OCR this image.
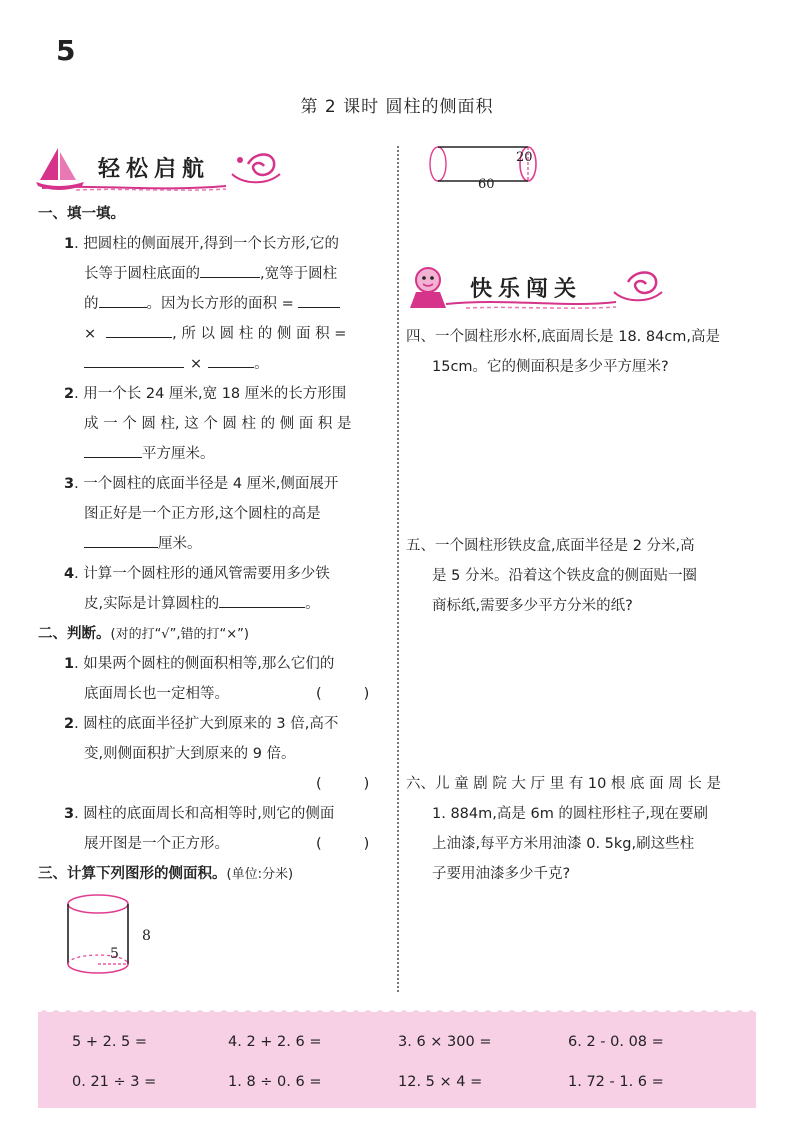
5
第 2 课时 圆柱的侧面积
轻松启航
快乐闯关
一、填一填。
1. 把圆柱的侧面展开,得到一个长方形,它的
长等于圆柱底面的	,宽等于圆柱
的	。因为长方形的面积 =
×	, 所 以 圆 柱 的 侧 面 积 =
×	。
2. 用一个长 24 厘米,宽 18 厘米的长方形围
成 一 个 圆 柱, 这 个 圆 柱 的 侧 面 积 是
平方厘米。
3. 一个圆柱的底面半径是 4 厘米,侧面展开
图正好是一个正方形,这个圆柱的高是
厘米。
4. 计算一个圆柱形的通风管需要用多少铁
皮,实际是计算圆柱的	。
二、判断。(对的打“√”,错的打“×”)
1. 如果两个圆柱的侧面积相等,那么它们的
底面周长也一定相等。	(	)
2. 圆柱的底面半径扩大到原来的 3 倍,高不
变,则侧面积扩大到原来的 9 倍。
(	)
3. 圆柱的底面周长和高相等时,则它的侧面
展开图是一个正方形。	(	)
三、计算下列图形的侧面积。(单位:分米)
8
5
20
60
四、一个圆柱形水杯,底面周长是 18. 84cm,高是
15cm。它的侧面积是多少平方厘米?
五、一个圆柱形铁皮盒,底面半径是 2 分米,高
是 5 分米。沿着这个铁皮盒的侧面贴一圈
商标纸,需要多少平方分米的纸?
六、儿 童 剧 院 大 厅 里 有 10 根 底 面 周 长 是
1. 884m,高是 6m 的圆柱形柱子,现在要刷
上油漆,每平方米用油漆 0. 5kg,刷这些柱
子要用油漆多少千克?
5 + 2. 5 =	4. 2 + 2. 6 =	3. 6 × 300 =	6. 2 - 0. 08 =
0. 21 ÷ 3 =	1. 8 ÷ 0. 6 =	12. 5 × 4 =	1. 72 - 1. 6 =
